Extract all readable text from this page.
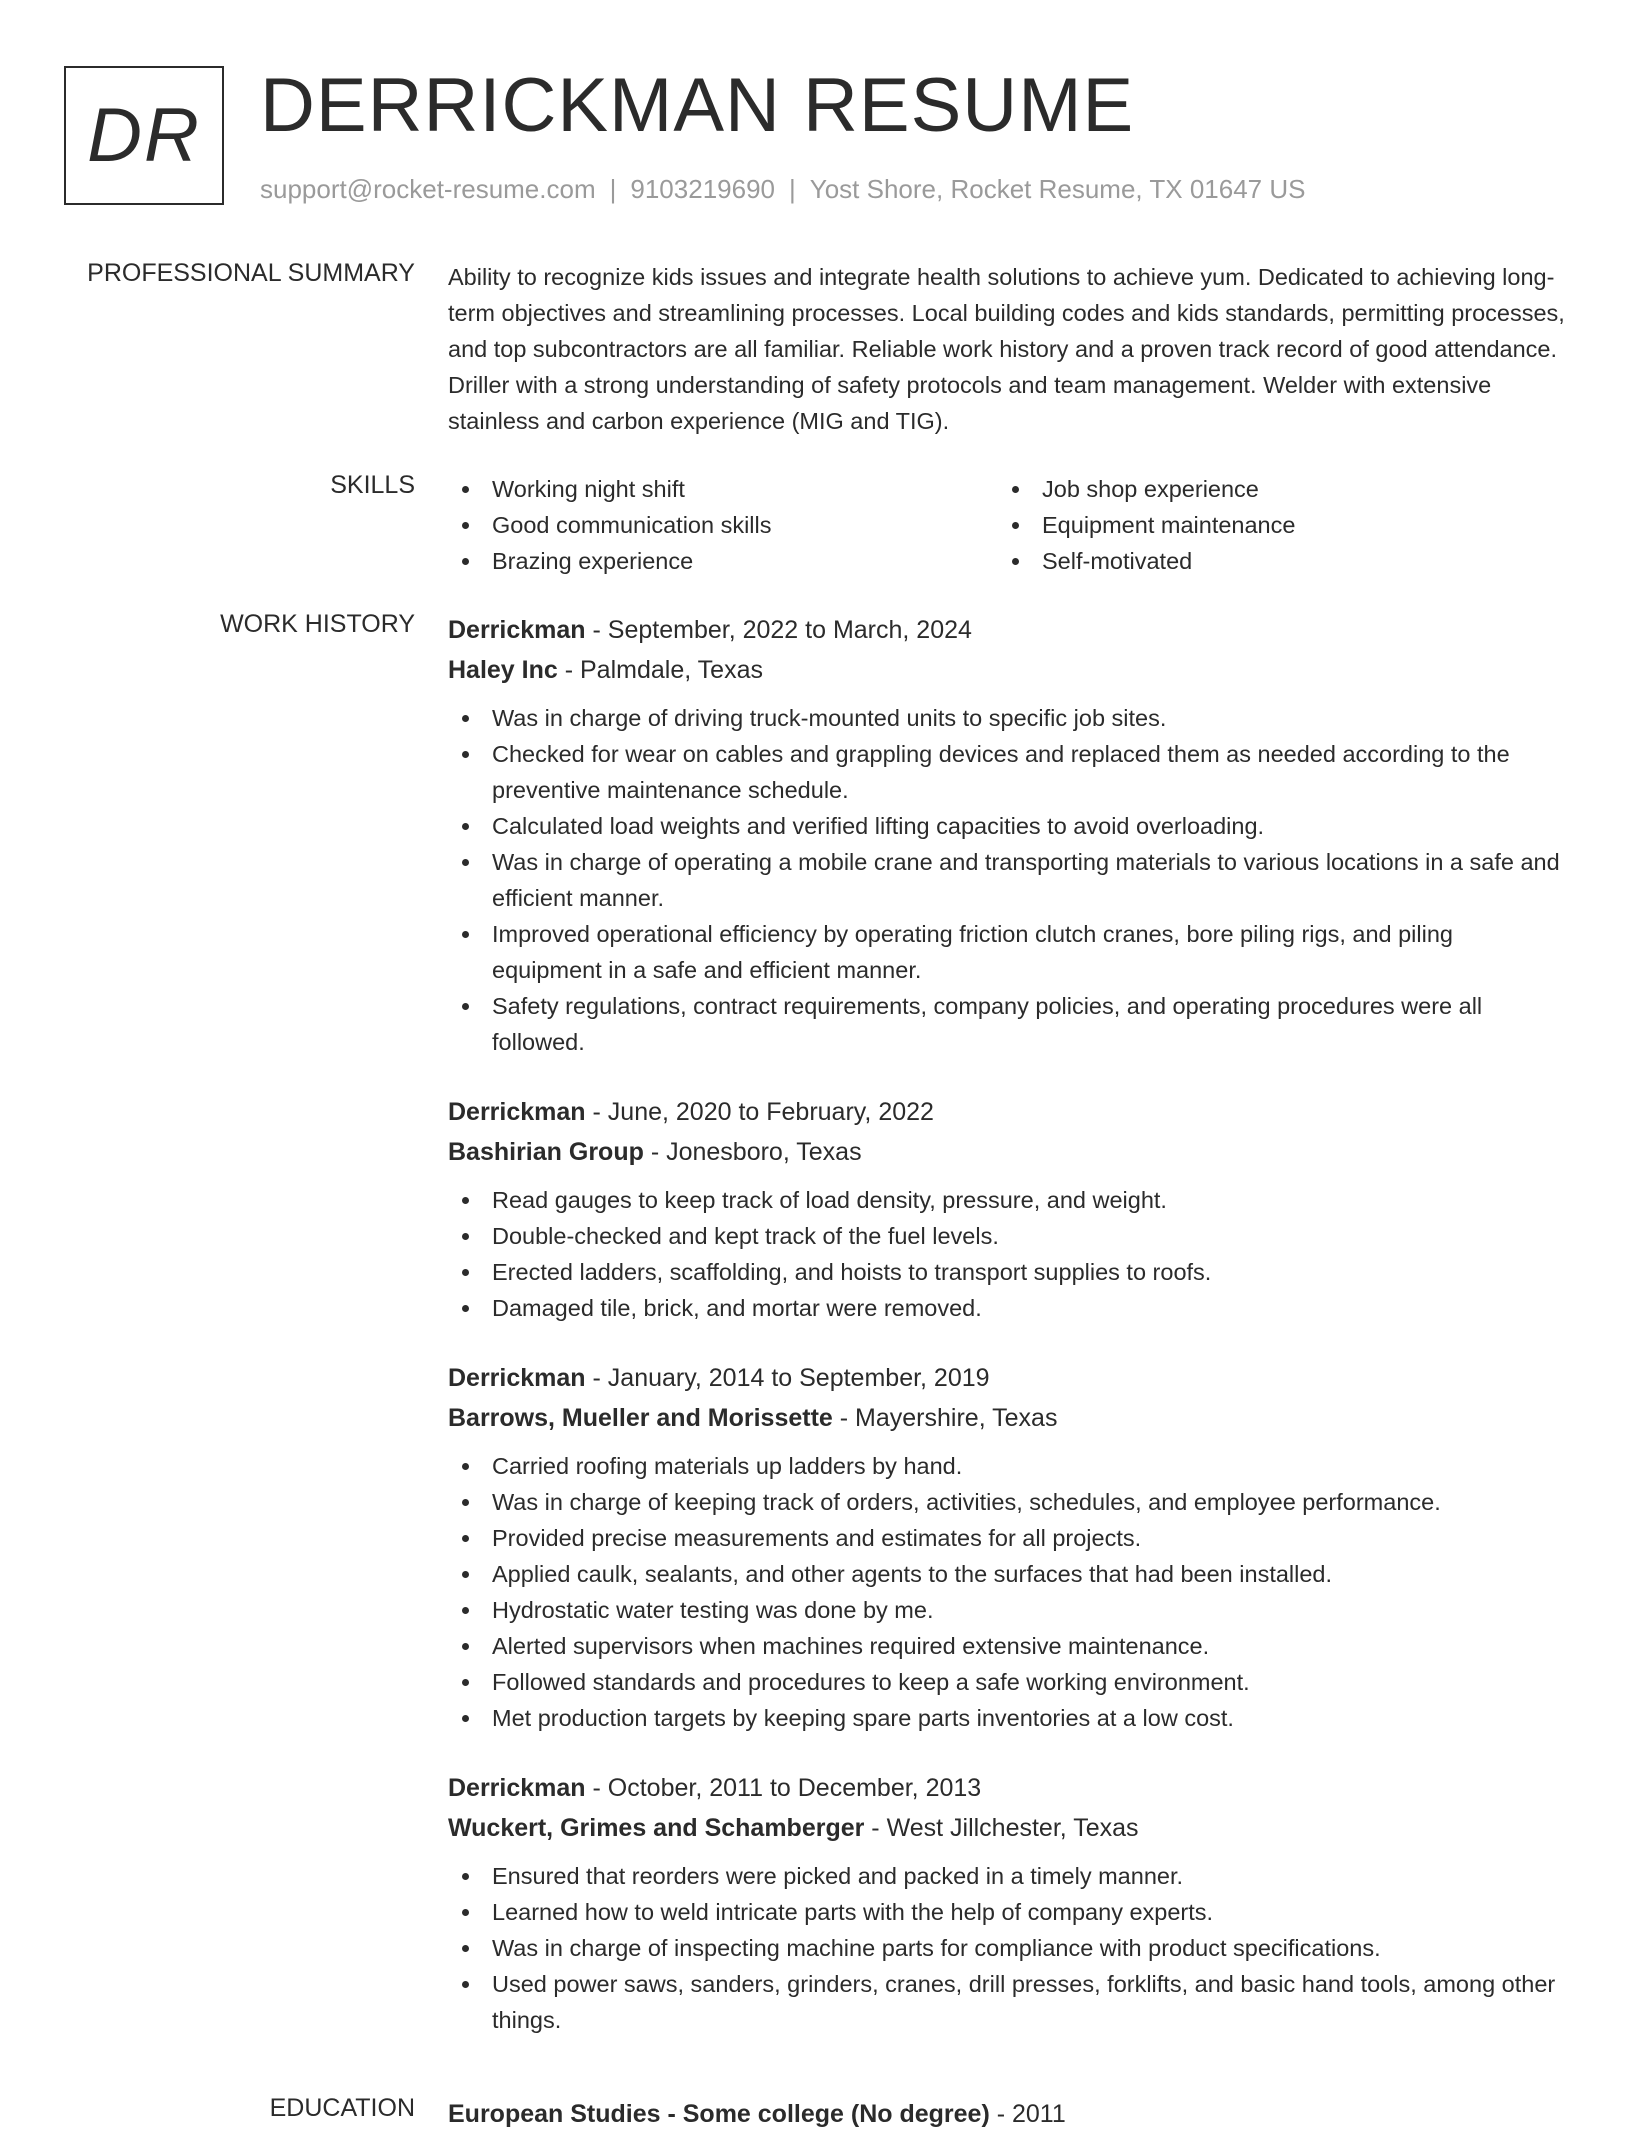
DR DERRICKMAN RESUME
support@rocket-resume.com | 9103219690 | Yost Shore, Rocket Resume, TX 01647 US
PROFESSIONAL SUMMARY Ability to recognize kids issues and integrate health solutions to achieve yum. Dedicated to achieving long-term objectives and streamlining processes. Local building codes and kids standards, permitting processes, and top subcontractors are all familiar. Reliable work history and a proven track record of good attendance. Driller with a strong understanding of safety protocols and team management. Welder with extensive stainless and carbon experience (MIG and TIG).

SKILLS	Working night shift
Good communication skills
Brazing experience
Job shop experience
Equipment maintenance
Self-motivated
WORK HISTORY Derrickman - September, 2022 to March, 2024
Haley Inc - Palmdale, Texas
Was in charge of driving truck-mounted units to specific job sites.
Checked for wear on cables and grappling devices and replaced them as needed according to the preventive maintenance schedule.
Calculated load weights and verified lifting capacities to avoid overloading.
Was in charge of operating a mobile crane and transporting materials to various locations in a safe and efficient manner.
Improved operational efficiency by operating friction clutch cranes, bore piling rigs, and piling equipment in a safe and efficient manner.
Safety regulations, contract requirements, company policies, and operating procedures were all followed.
Derrickman - June, 2020 to February, 2022
Bashirian Group - Jonesboro, Texas
Read gauges to keep track of load density, pressure, and weight.
Double-checked and kept track of the fuel levels.
Erected ladders, scaffolding, and hoists to transport supplies to roofs.
Damaged tile, brick, and mortar were removed.
Derrickman - January, 2014 to September, 2019
Barrows, Mueller and Morissette - Mayershire, Texas
Carried roofing materials up ladders by hand.
Was in charge of keeping track of orders, activities, schedules, and employee performance.
Provided precise measurements and estimates for all projects.
Applied caulk, sealants, and other agents to the surfaces that had been installed.
Hydrostatic water testing was done by me.
Alerted supervisors when machines required extensive maintenance.
Followed standards and procedures to keep a safe working environment.
Met production targets by keeping spare parts inventories at a low cost.
Derrickman - October, 2011 to December, 2013
Wuckert, Grimes and Schamberger - West Jillchester, Texas
Ensured that reorders were picked and packed in a timely manner.
Learned how to weld intricate parts with the help of company experts.
Was in charge of inspecting machine parts for compliance with product specifications.
Used power saws, sanders, grinders, cranes, drill presses, forklifts, and basic hand tools, among other things.
EDUCATION European Studies - Some college (No degree) - 2011
